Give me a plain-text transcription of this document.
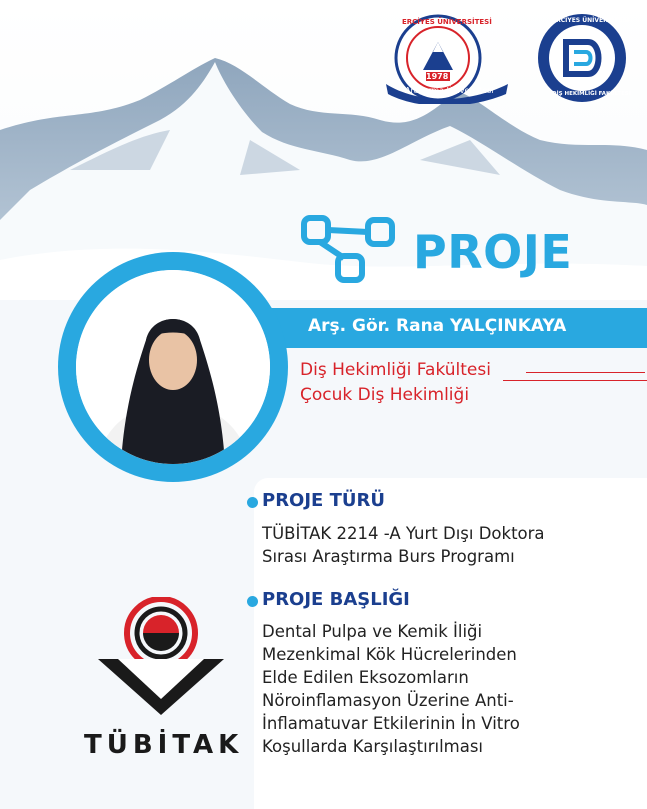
1978
Araştırma Üniversitesi
ERCİYES ÜNİVERSİTESİ	ERCİYES ÜNİVERSİTESİ
DİŞ HEKİMLİĞİ FAKÜLTESİ
PROJE
Arş. Gör. Rana YALÇINKAYA
Diş Hekimliği Fakültesi
Çocuk Diş Hekimliği
PROJE TÜRÜ
TÜBİTAK 2214 -A Yurt Dışı Doktora
Sırası Araştırma Burs Programı
PROJE BAŞLIĞI
Dental Pulpa ve Kemik İliği
Mezenkimal Kök Hücrelerinden
Elde Edilen Eksozomların
Nöroinflamasyon Üzerine Anti-
İnflamatuvar Etkilerinin İn Vitro
Koşullarda Karşılaştırılması
TÜBİTAK
